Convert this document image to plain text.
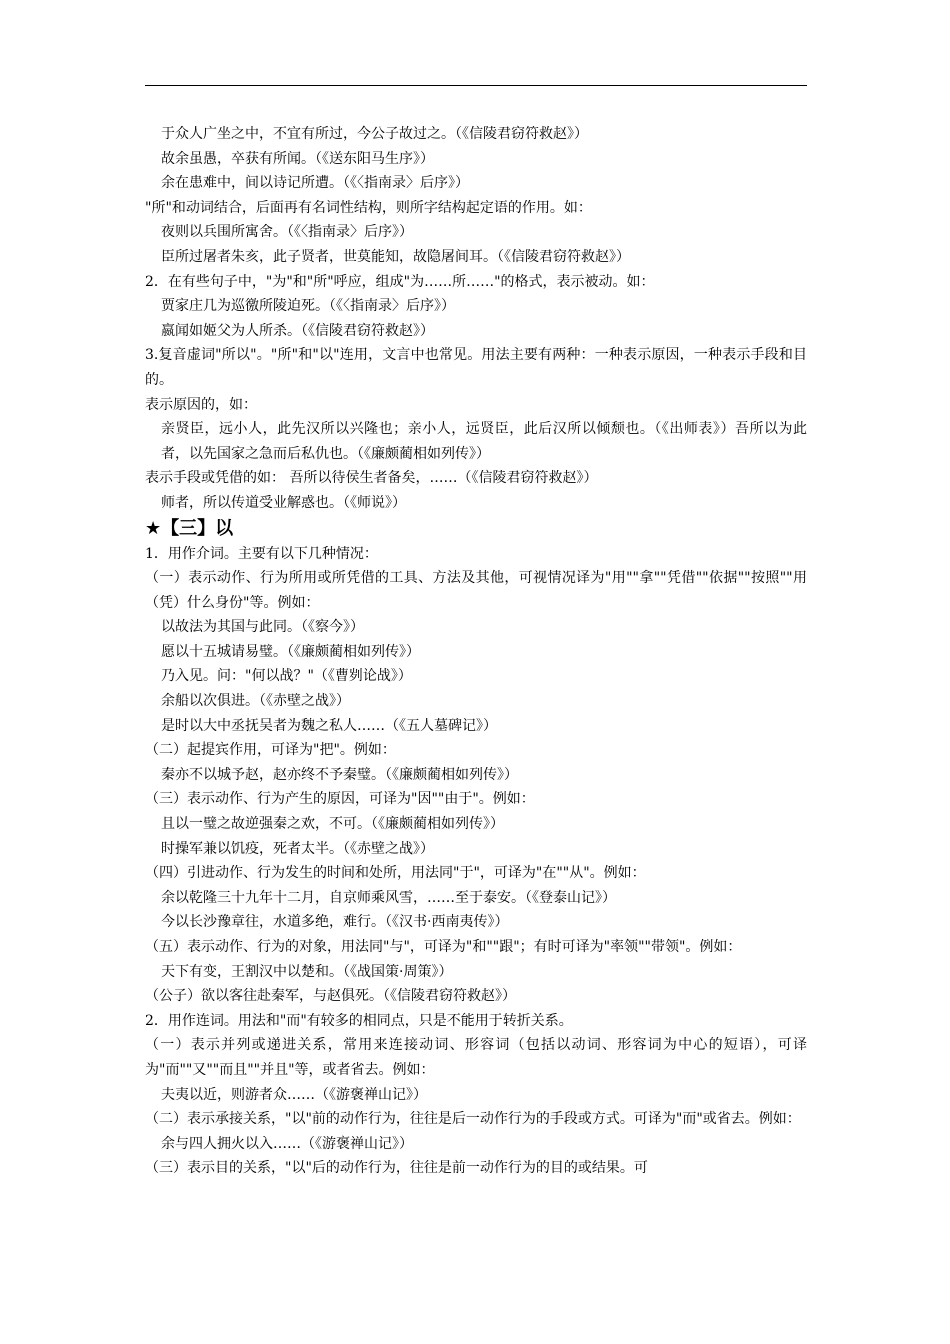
于众人广坐之中，不宜有所过，今公子故过之。（《信陵君窃符救赵》）
故余虽愚，卒获有所闻。（《送东阳马生序》）
余在患难中，间以诗记所遭。（《〈指南录〉后序》）
"所"和动词结合，后面再有名词性结构，则所字结构起定语的作用。如：
夜则以兵围所寓舍。（《〈指南录〉后序》）
臣所过屠者朱亥，此子贤者，世莫能知，故隐屠间耳。（《信陵君窃符救赵》）
2．在有些句子中，"为"和"所"呼应，组成"为……所……"的格式，表示被动。如：
贾家庄几为巡徼所陵迫死。（《〈指南录〉后序》）
嬴闻如姬父为人所杀。（《信陵君窃符救赵》）
3.复音虚词"所以"。"所"和"以"连用，文言中也常见。用法主要有两种：一种表示原因，一种表示手段和目的。
表示原因的，如：
亲贤臣，远小人，此先汉所以兴隆也；亲小人，远贤臣，此后汉所以倾颓也。（《出师表》）吾所以为此者，以先国家之急而后私仇也。（《廉颇蔺相如列传》）
表示手段或凭借的如： 吾所以待侯生者备矣，……（《信陵君窃符救赵》）
师者，所以传道受业解惑也。（《师说》）
★【三】以
1．用作介词。主要有以下几种情况：
（一）表示动作、行为所用或所凭借的工具、方法及其他，可视情况译为"用""拿""凭借""依据""按照""用（凭）什么身份"等。例如：
以故法为其国与此同。（《察今》）
愿以十五城请易璧。（《廉颇蔺相如列传》）
乃入见。问："何以战？"（《曹刿论战》）
余船以次俱进。（《赤壁之战》）
是时以大中丞抚吴者为魏之私人……（《五人墓碑记》）
（二）起提宾作用，可译为"把"。例如：
秦亦不以城予赵，赵亦终不予秦璧。（《廉颇蔺相如列传》）
（三）表示动作、行为产生的原因，可译为"因""由于"。例如：
且以一璧之故逆强秦之欢，不可。（《廉颇蔺相如列传》）
时操军兼以饥疫，死者太半。（《赤壁之战》）
（四）引进动作、行为发生的时间和处所，用法同"于"，可译为"在""从"。例如：
余以乾隆三十九年十二月，自京师乘风雪，……至于泰安。（《登泰山记》）
今以长沙豫章往，水道多绝，难行。（《汉书·西南夷传》）
（五）表示动作、行为的对象，用法同"与"，可译为"和""跟"；有时可译为"率领""带领"。例如：
天下有变，王割汉中以楚和。（《战国策·周策》）
（公子）欲以客往赴秦军，与赵俱死。（《信陵君窃符救赵》）
2．用作连词。用法和"而"有较多的相同点，只是不能用于转折关系。
（一）表示并列或递进关系，常用来连接动词、形容词（包括以动词、形容词为中心的短语），可译为"而""又""而且""并且"等，或者省去。例如：
夫夷以近，则游者众……（《游褒禅山记》）
（二）表示承接关系，"以"前的动作行为，往往是后一动作行为的手段或方式。可译为"而"或省去。例如：
余与四人拥火以入……（《游褒禅山记》）
（三）表示目的关系，"以"后的动作行为，往往是前一动作行为的目的或结果。可
